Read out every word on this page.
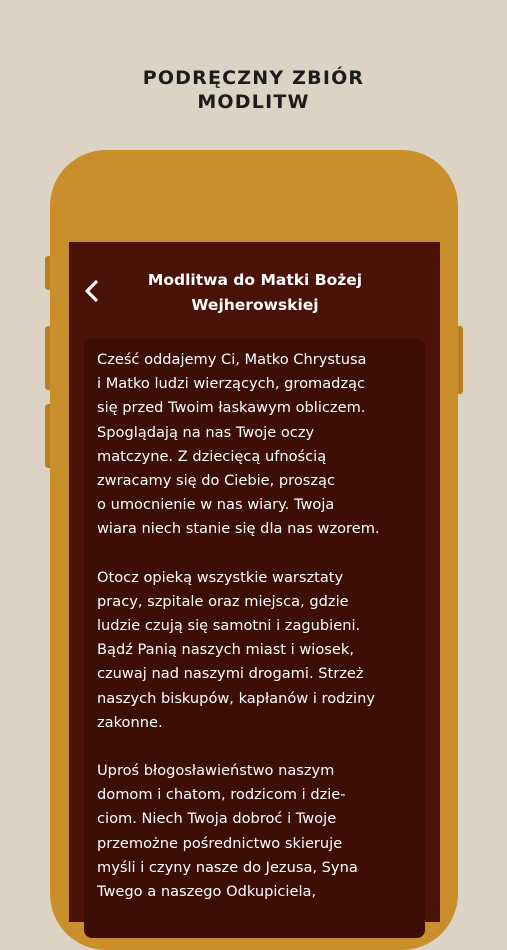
PODRĘCZNY ZBIÓR
MODLITW
Modlitwa do Matki Bożej
Wejherowskiej

Cześć oddajemy Ci, Matko Chrystusa
i Matko ludzi wierzących, gromadząc
się przed Twoim łaskawym obliczem.
Spoglądają na nas Twoje oczy
matczyne. Z dziecięcą ufnością
zwracamy się do Ciebie, prosząc
o umocnienie w nas wiary. Twoja
wiara niech stanie się dla nas wzorem.

Otocz opieką wszystkie warsztaty
pracy, szpitale oraz miejsca, gdzie
ludzie czują się samotni i zagubieni.
Bądź Panią naszych miast i wiosek,
czuwaj nad naszymi drogami. Strzeż
naszych biskupów, kapłanów i rodziny
zakonne.

Uproś błogosławieństwo naszym
domom i chatom, rodzicom i dzie-
ciom. Niech Twoja dobroć i Twoje
przemożne pośrednictwo skieruje
myśli i czyny nasze do Jezusa, Syna
Twego a naszego Odkupiciela,
